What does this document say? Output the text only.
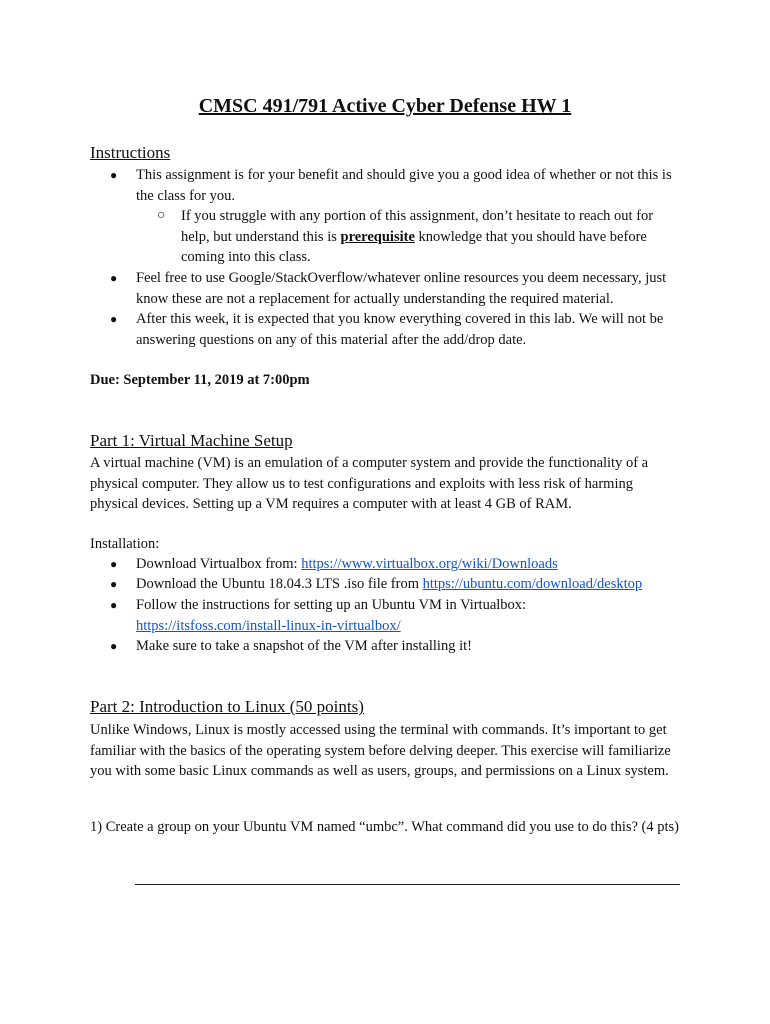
CMSC 491/791 Active Cyber Defense HW 1
Instructions
● This assignment is for your benefit and should give you a good idea of whether or not this is the class for you.
○ If you struggle with any portion of this assignment, don’t hesitate to reach out for help, but understand this is prerequisite knowledge that you should have before coming into this class.
● Feel free to use Google/StackOverflow/whatever online resources you deem necessary, just know these are not a replacement for actually understanding the required material.
● After this week, it is expected that you know everything covered in this lab. We will not be answering questions on any of this material after the add/drop date.
Due: September 11, 2019 at 7:00pm
Part 1: Virtual Machine Setup
A virtual machine (VM) is an emulation of a computer system and provide the functionality of a physical computer. They allow us to test configurations and exploits with less risk of harming physical devices. Setting up a VM requires a computer with at least 4 GB of RAM.
Installation:
● Download Virtualbox from: https://www.virtualbox.org/wiki/Downloads
● Download the Ubuntu 18.04.3 LTS .iso file from https://ubuntu.com/download/desktop
● Follow the instructions for setting up an Ubuntu VM in Virtualbox:
https://itsfoss.com/install-linux-in-virtualbox/
● Make sure to take a snapshot of the VM after installing it!
Part 2: Introduction to Linux (50 points)
Unlike Windows, Linux is mostly accessed using the terminal with commands. It’s important to get familiar with the basics of the operating system before delving deeper. This exercise will familiarize you with some basic Linux commands as well as users, groups, and permissions on a Linux system.
1) Create a group on your Ubuntu VM named “umbc”. What command did you use to do this? (4 pts)
